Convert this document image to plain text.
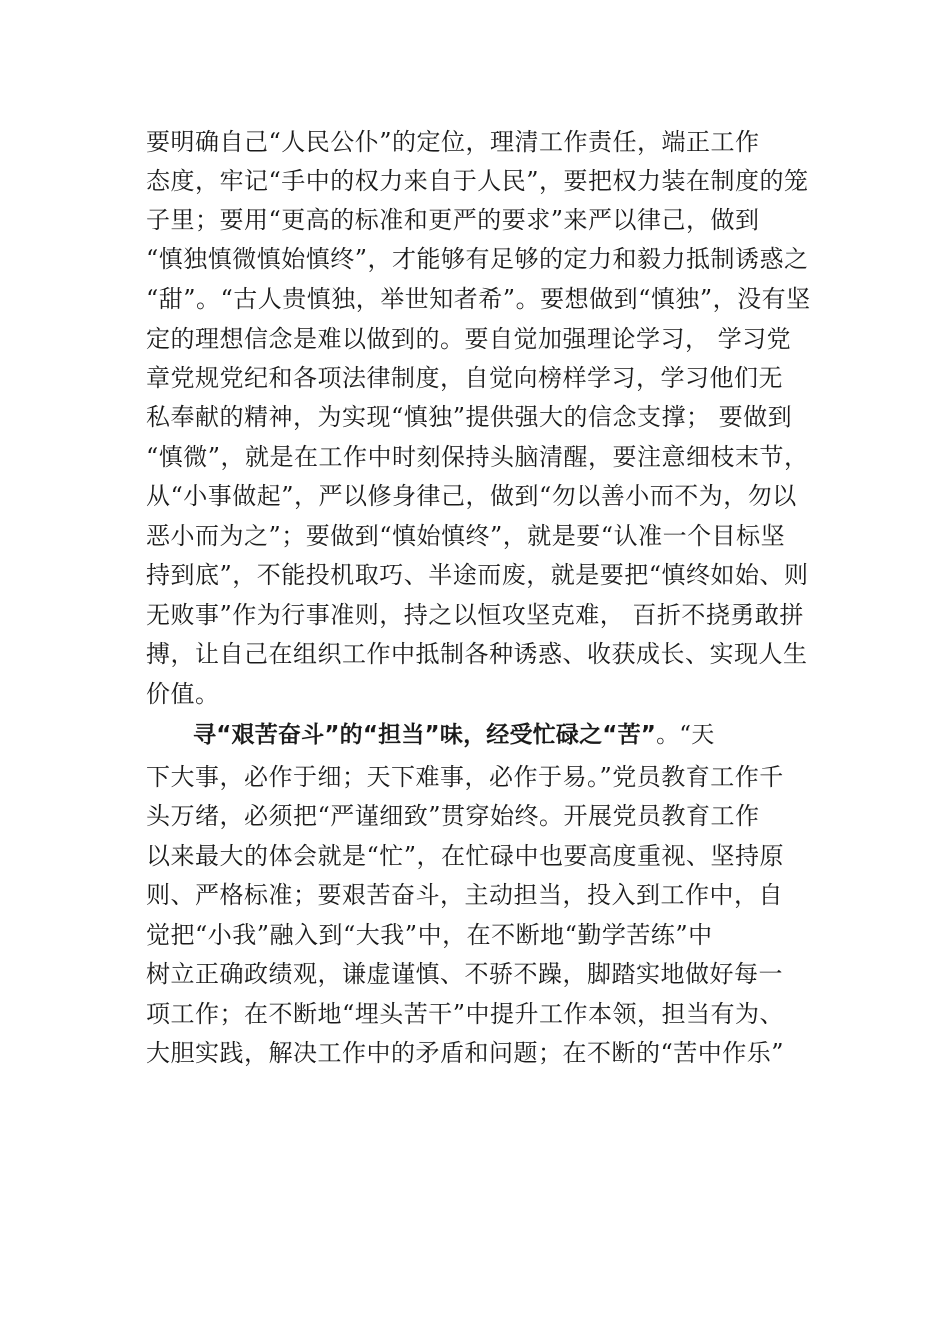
要明确自己“人民公仆”的定位，理清工作责任，端正工作
态度，牢记“手中的权力来自于人民”，要把权力装在制度的笼
子里；要用“更高的标准和更严的要求”来严以律己，做到
“慎独慎微慎始慎终”，才能够有足够的定力和毅力抵制诱惑之
“甜”。“古人贵慎独，举世知者希”。要想做到“慎独”，没有坚
定的理想信念是难以做到的。要自觉加强理论学习， 学习党
章党规党纪和各项法律制度，自觉向榜样学习，学习他们无
私奉献的精神，为实现“慎独”提供强大的信念支撑； 要做到
“慎微”，就是在工作中时刻保持头脑清醒，要注意细枝末节，
从“小事做起”，严以修身律己，做到“勿以善小而不为，勿以
恶小而为之”；要做到“慎始慎终”，就是要“认准一个目标坚
持到底”，不能投机取巧、半途而废，就是要把“慎终如始、则
无败事”作为行事准则，持之以恒攻坚克难， 百折不挠勇敢拼
搏，让自己在组织工作中抵制各种诱惑、收获成长、实现人生
价值。
寻“艰苦奋斗”的“担当”味，经受忙碌之“苦”。“天
下大事，必作于细；天下难事，必作于易。”党员教育工作千
头万绪，必须把“严谨细致”贯穿始终。开展党员教育工作
以来最大的体会就是“忙”，在忙碌中也要高度重视、坚持原
则、严格标准；要艰苦奋斗，主动担当，投入到工作中，自
觉把“小我”融入到“大我”中，在不断地“勤学苦练”中
树立正确政绩观，谦虚谨慎、不骄不躁，脚踏实地做好每一
项工作；在不断地“埋头苦干”中提升工作本领，担当有为、
大胆实践，解决工作中的矛盾和问题；在不断的“苦中作乐”
